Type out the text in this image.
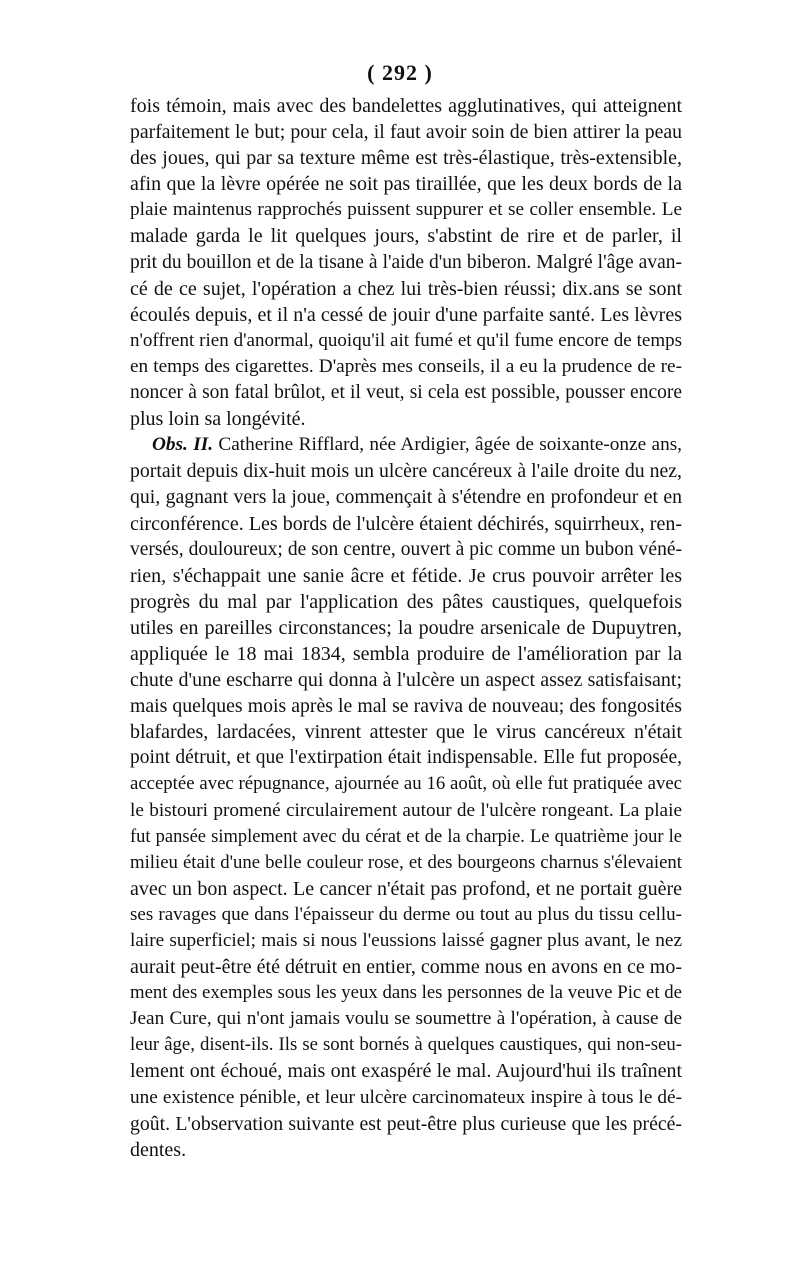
( 292 )
fois témoin, mais avec des bandelettes agglutinatives, qui atteignent
parfaitement le but; pour cela, il faut avoir soin de bien attirer la peau
des joues, qui par sa texture même est très-élastique, très-extensible,
afin que la lèvre opérée ne soit pas tiraillée, que les deux bords de la
plaie maintenus rapprochés puissent suppurer et se coller ensemble. Le
malade garda le lit quelques jours, s'abstint de rire et de parler, il
prit du bouillon et de la tisane à l'aide d'un biberon. Malgré l'âge avan-
cé de ce sujet, l'opération a chez lui très-bien réussi; dix.ans se sont
écoulés depuis, et il n'a cessé de jouir d'une parfaite santé. Les lèvres
n'offrent rien d'anormal, quoiqu'il ait fumé et qu'il fume encore de temps
en temps des cigarettes. D'après mes conseils, il a eu la prudence de re-
noncer à son fatal brûlot, et il veut, si cela est possible, pousser encore
plus loin sa longévité.
Obs. II. Catherine Rifflard, née Ardigier, âgée de soixante-onze ans,
portait depuis dix-huit mois un ulcère cancéreux à l'aile droite du nez,
qui, gagnant vers la joue, commençait à s'étendre en profondeur et en
circonférence. Les bords de l'ulcère étaient déchirés, squirrheux, ren-
versés, douloureux; de son centre, ouvert à pic comme un bubon véné-
rien, s'échappait une sanie âcre et fétide. Je crus pouvoir arrêter les
progrès du mal par l'application des pâtes caustiques, quelquefois
utiles en pareilles circonstances; la poudre arsenicale de Dupuytren,
appliquée le 18 mai 1834, sembla produire de l'amélioration par la
chute d'une escharre qui donna à l'ulcère un aspect assez satisfaisant;
mais quelques mois après le mal se raviva de nouveau; des fongosités
blafardes, lardacées, vinrent attester que le virus cancéreux n'était
point détruit, et que l'extirpation était indispensable. Elle fut proposée,
acceptée avec répugnance, ajournée au 16 août, où elle fut pratiquée avec
le bistouri promené circulairement autour de l'ulcère rongeant. La plaie
fut pansée simplement avec du cérat et de la charpie. Le quatrième jour le
milieu était d'une belle couleur rose, et des bourgeons charnus s'élevaient
avec un bon aspect. Le cancer n'était pas profond, et ne portait guère
ses ravages que dans l'épaisseur du derme ou tout au plus du tissu cellu-
laire superficiel; mais si nous l'eussions laissé gagner plus avant, le nez
aurait peut-être été détruit en entier, comme nous en avons en ce mo-
ment des exemples sous les yeux dans les personnes de la veuve Pic et de
Jean Cure, qui n'ont jamais voulu se soumettre à l'opération, à cause de
leur âge, disent-ils. Ils se sont bornés à quelques caustiques, qui non-seu-
lement ont échoué, mais ont exaspéré le mal. Aujourd'hui ils traînent
une existence pénible, et leur ulcère carcinomateux inspire à tous le dé-
goût. L'observation suivante est peut-être plus curieuse que les précé-
dentes.
